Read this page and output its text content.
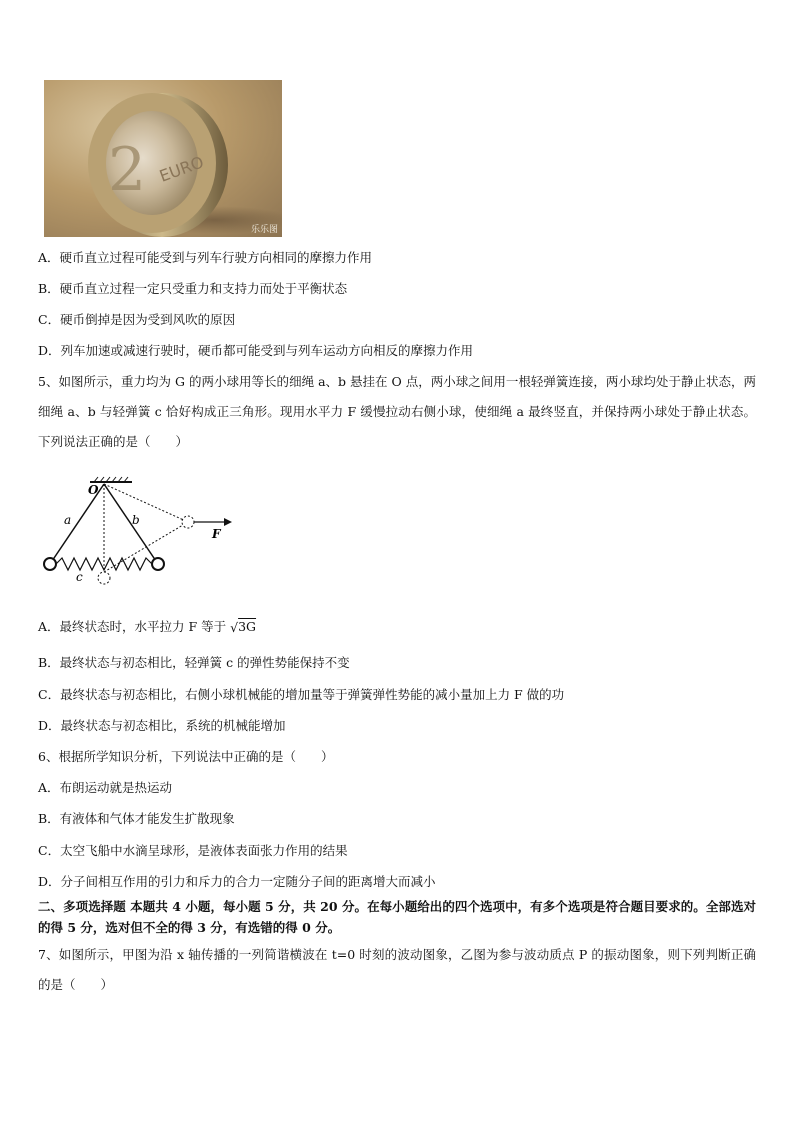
2 EURO
乐乐图
A．硬币直立过程可能受到与列车行驶方向相同的摩擦力作用
B．硬币直立过程一定只受重力和支持力而处于平衡状态
C．硬币倒掉是因为受到风吹的原因
D．列车加速或减速行驶时，硬币都可能受到与列车运动方向相反的摩擦力作用
5、如图所示，重力均为 G 的两小球用等长的细绳 a、b 悬挂在 O 点，两小球之间用一根轻弹簧连接，两小球均处于静止状态，两细绳 a、b 与轻弹簧 c 恰好构成正三角形。现用水平力 F 缓慢拉动右侧小球，使细绳 a 最终竖直，并保持两小球处于静止状态。下列说法正确的是（　　）
O
a	b
c
F
A．最终状态时，水平拉力 F 等于 √3G
B．最终状态与初态相比，轻弹簧 c 的弹性势能保持不变
C．最终状态与初态相比，右侧小球机械能的增加量等于弹簧弹性势能的减小量加上力 F 做的功
D．最终状态与初态相比，系统的机械能增加
6、根据所学知识分析，下列说法中正确的是（　　）
A．布朗运动就是热运动
B．有液体和气体才能发生扩散现象
C．太空飞船中水滴呈球形，是液体表面张力作用的结果
D．分子间相互作用的引力和斥力的合力一定随分子间的距离增大而减小
二、多项选择题 本题共 4 小题，每小题 5 分，共 20 分。在每小题给出的四个选项中，有多个选项是符合题目要求的。全部选对的得 5 分，选对但不全的得 3 分，有选错的得 0 分。
7、如图所示，甲图为沿 x 轴传播的一列简谐横波在 t=0 时刻的波动图象，乙图为参与波动质点 P 的振动图象，则下列判断正确的是（　　）
